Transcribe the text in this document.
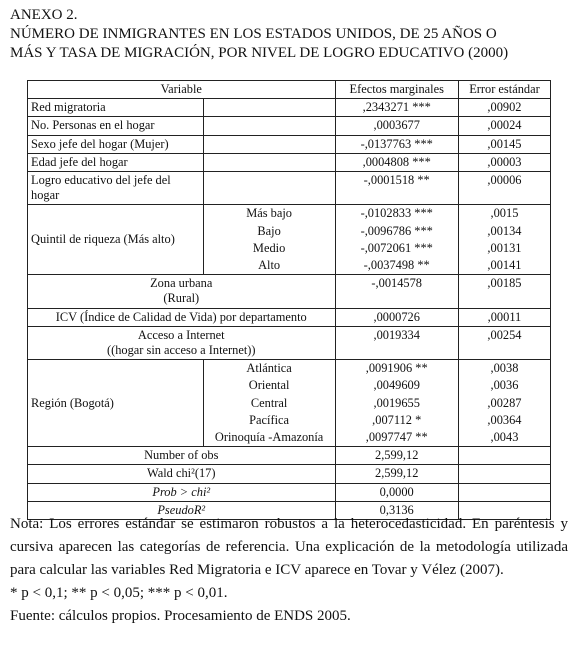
ANEXO 2.
NÚMERO DE INMIGRANTES EN LOS ESTADOS UNIDOS, DE 25 AÑOS O
MÁS Y TASA DE MIGRACIÓN, POR NIVEL DE LOGRO EDUCATIVO (2000)
Variable		Efectos marginales	Error estándar
Red migratoria		,2343271 ***	,00902
No. Personas en el hogar		,0003677	,00024
Sexo jefe del hogar (Mujer)		-,0137763 ***	,00145
Edad jefe del hogar		,0004808 ***	,00003
Logro educativo del jefe del
hogar		-,0001518 **	,00006
Quintil de riqueza (Más alto)	Más bajo	-,0102833 ***	,0015
	Bajo	-,0096786 ***	,00134
	Medio	-,0072061 ***	,00131
	Alto	-,0037498 **	,00141
Zona urbana
(Rural)		-,0014578	,00185
ICV (Índice de Calidad de Vida) por departamento		,0000726	,00011
Acceso a Internet
((hogar sin acceso a Internet))		,0019334	,00254
Región (Bogotá)	Atlántica	,0091906 **	,0038
	Oriental	,0049609	,0036
	Central	,0019655	,00287
	Pacífica	,007112 *	,00364
	Orinoquía -Amazonía	,0097747 **	,0043
Number of obs		2,599,12	
Wald chi²(17)		2,599,12	
Prob > chi²		0,0000	
PseudoR²		0,3136	

Nota: Los errores estándar se estimaron robustos a la heterocedasticidad. En paréntesis y cursiva aparecen las categorías de referencia. Una explicación de la metodología utilizada para calcular las variables Red Migratoria e ICV aparece en Tovar y Vélez (2007).

* p < 0,1; ** p < 0,05; *** p < 0,01.

Fuente: cálculos propios. Procesamiento de ENDS 2005.
